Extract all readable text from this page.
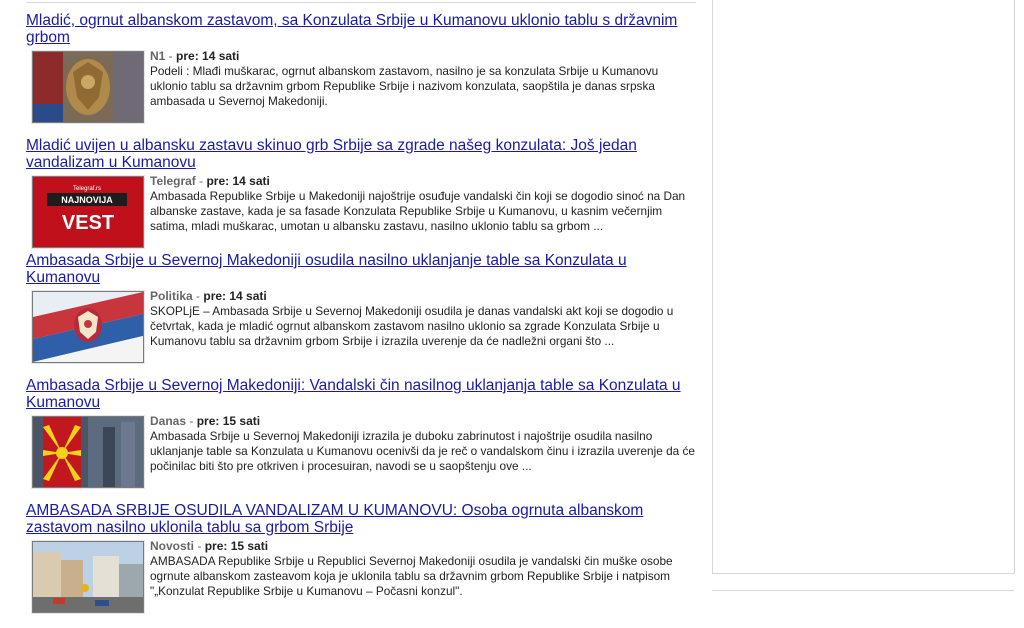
Mladić, ogrnut albanskom zastavom, sa Konzulata Srbije u Kumanovu uklonio tablu s državnim grbom
N1 - pre: 14 sati
Podeli : Mlađi muškarac, ogrnut albanskom zastavom, nasilno je sa konzulata Srbije u Kumanovu uklonio tablu sa državnim grbom Republike Srbije i nazivom konzulata, saopštila je danas srpska ambasada u Severnoj Makedoniji.
Mladić uvijen u albansku zastavu skinuo grb Srbije sa zgrade našeg konzulata: Još jedan vandalizam u Kumanovu
Telegraf.rs
NAJNOVIJA
VEST
Telegraf - pre: 14 sati
Ambasada Republike Srbije u Makedoniji najoštrije osuđuje vandalski čin koji se dogodio sinoć na Dan albanske zastave, kada je sa fasade Konzulata Republike Srbije u Kumanovu, u kasnim večernjim satima, mladi muškarac, umotan u albansku zastavu, nasilno uklonio tablu sa grbom ...
Ambasada Srbije u Severnoj Makedoniji osudila nasilno uklanjanje table sa Konzulata u Kumanovu
Politika - pre: 14 sati
SKOPLjE – Ambasada Srbije u Severnoj Makedoniji osudila je danas vandalski akt koji se dogodio u četvrtak, kada je mladić ogrnut albanskom zastavom nasilno uklonio sa zgrade Konzulata Srbije u Kumanovu tablu sa državnim grbom Srbije i izrazila uverenje da će nadležni organi što ...
Ambasada Srbije u Severnoj Makedoniji: Vandalski čin nasilnog uklanjanja table sa Konzulata u Kumanovu
Danas - pre: 15 sati
Ambasada Srbije u Severnoj Makedoniji izrazila je duboku zabrinutost i najoštrije osudila nasilno uklanjanje table sa Konzulata u Kumanovu ocenivši da je reč o vandalskom činu i izrazila uverenje da će počinilac biti što pre otkriven i procesuiran, navodi se u saopštenju ove ...
AMBASADA SRBIJE OSUDILA VANDALIZAM U KUMANOVU: Osoba ogrnuta albanskom zastavom nasilno uklonila tablu sa grbom Srbije
Novosti - pre: 15 sati
AMBASADA Republike Srbije u Republici Severnoj Makedoniji osudila je vandalski čin muške osobe ogrnute albanskom zasteavom koja je uklonila tablu sa državnim grbom Republike Srbije i natpisom "„Konzulat Republike Srbije u Kumanovu – Počasni konzul".
